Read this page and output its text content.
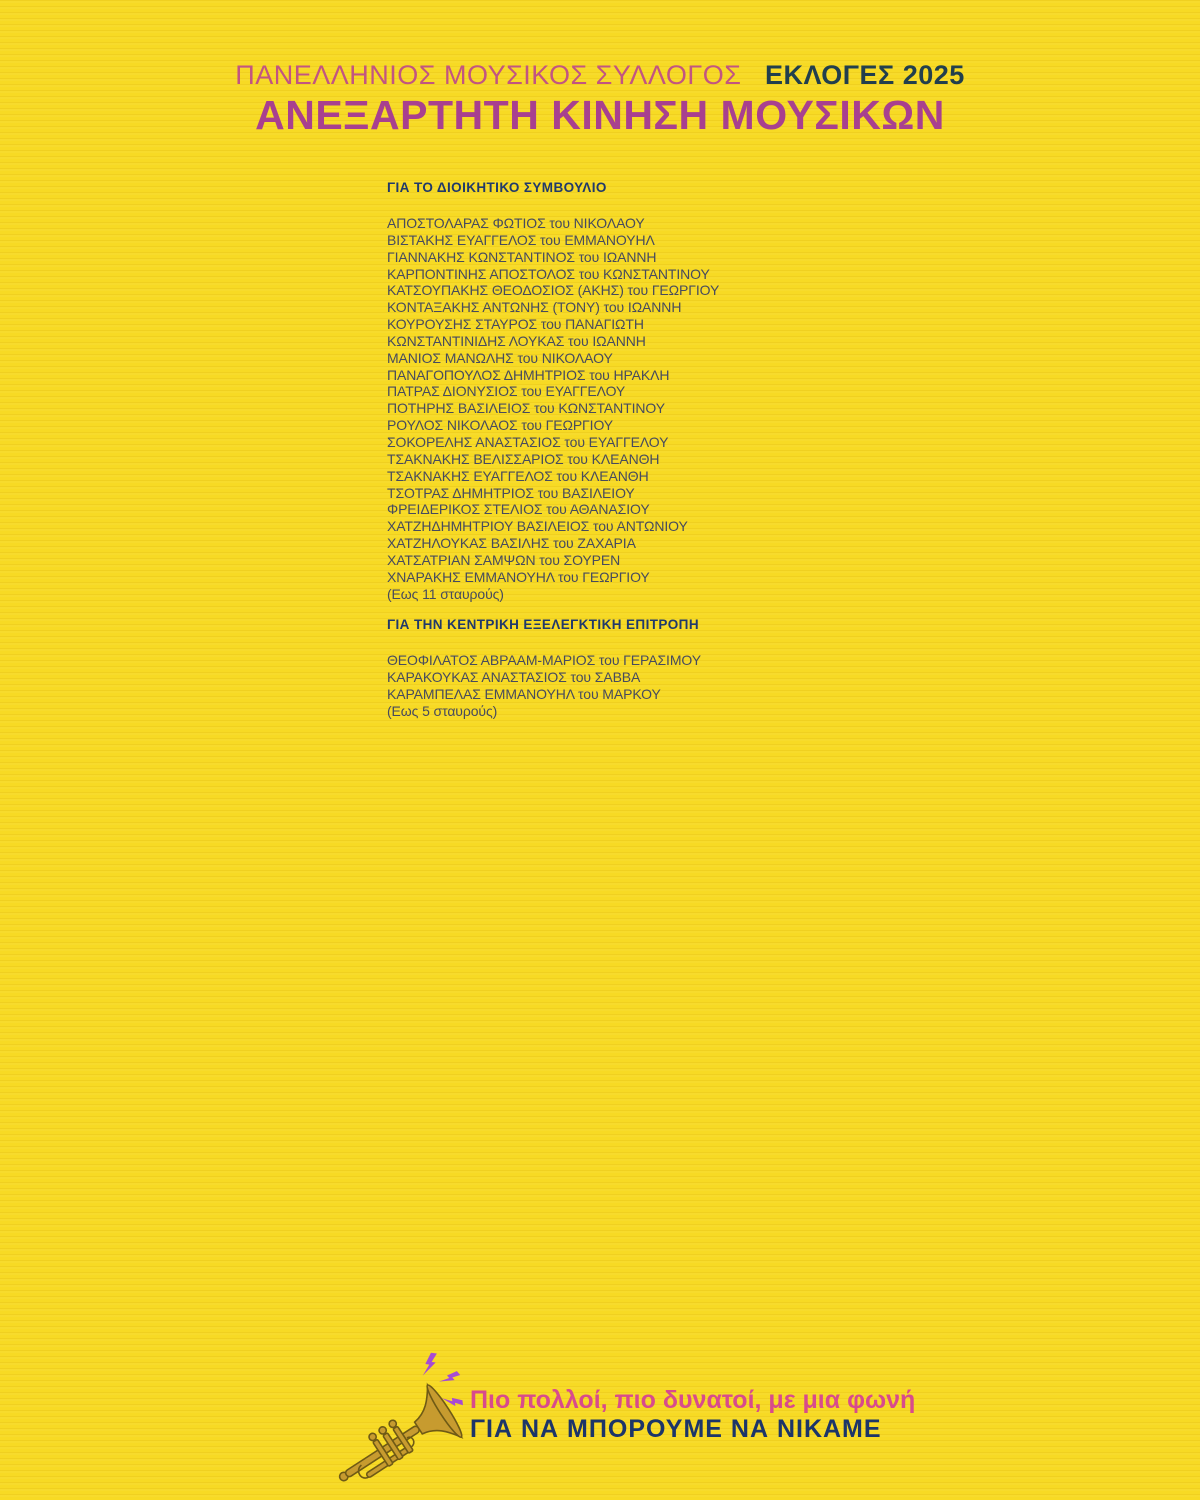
ΠΑΝΕΛΛΗΝΙΟΣ ΜΟΥΣΙΚΟΣ ΣΥΛΛΟΓΟΣ ΕΚΛΟΓΕΣ 2025
ΑΝΕΞΑΡΤΗΤΗ ΚΙΝΗΣΗ ΜΟΥΣΙΚΩΝ
ΓΙΑ ΤΟ ΔΙΟΙΚΗΤΙΚΟ ΣΥΜΒΟΥΛΙΟ
ΑΠΟΣΤΟΛΑΡΑΣ ΦΩΤΙΟΣ του ΝΙΚΟΛΑΟΥ
ΒΙΣΤΑΚΗΣ ΕΥΑΓΓΕΛΟΣ του ΕΜΜΑΝΟΥΗΛ
ΓΙΑΝΝΑΚΗΣ ΚΩΝΣΤΑΝΤΙΝΟΣ του ΙΩΑΝΝΗ
ΚΑΡΠΟΝΤΙΝΗΣ ΑΠΟΣΤΟΛΟΣ του ΚΩΝΣΤΑΝΤΙΝΟΥ
ΚΑΤΣΟΥΠΑΚΗΣ ΘΕΟΔΟΣΙΟΣ (ΑΚΗΣ) του ΓΕΩΡΓΙΟΥ
ΚΟΝΤΑΞΑΚΗΣ ΑΝΤΩΝΗΣ (ΤΟΝΥ) του ΙΩΑΝΝΗ
ΚΟΥΡΟΥΣΗΣ ΣΤΑΥΡΟΣ του ΠΑΝΑΓΙΩΤΗ
ΚΩΝΣΤΑΝΤΙΝΙΔΗΣ ΛΟΥΚΑΣ του ΙΩΑΝΝΗ
ΜΑΝΙΟΣ ΜΑΝΩΛΗΣ του ΝΙΚΟΛΑΟΥ
ΠΑΝΑΓΟΠΟΥΛΟΣ ΔΗΜΗΤΡΙΟΣ του ΗΡΑΚΛΗ
ΠΑΤΡΑΣ ΔΙΟΝΥΣΙΟΣ του ΕΥΑΓΓΕΛΟΥ
ΠΟΤΗΡΗΣ ΒΑΣΙΛΕΙΟΣ του ΚΩΝΣΤΑΝΤΙΝΟΥ
ΡΟΥΛΟΣ ΝΙΚΟΛΑΟΣ του ΓΕΩΡΓΙΟΥ
ΣΟΚΟΡΕΛΗΣ ΑΝΑΣΤΑΣΙΟΣ του ΕΥΑΓΓΕΛΟΥ
ΤΣΑΚΝΑΚΗΣ ΒΕΛΙΣΣΑΡΙΟΣ του ΚΛΕΑΝΘΗ
ΤΣΑΚΝΑΚΗΣ ΕΥΑΓΓΕΛΟΣ του ΚΛΕΑΝΘΗ
ΤΣΟΤΡΑΣ ΔΗΜΗΤΡΙΟΣ του ΒΑΣΙΛΕΙΟΥ
ΦΡΕΙΔΕΡΙΚΟΣ ΣΤΕΛΙΟΣ του ΑΘΑΝΑΣΙΟΥ
ΧΑΤΖΗΔΗΜΗΤΡΙΟΥ ΒΑΣΙΛΕΙΟΣ του ΑΝΤΩΝΙΟΥ
ΧΑΤΖΗΛΟΥΚΑΣ ΒΑΣΙΛΗΣ του ΖΑΧΑΡΙΑ
ΧΑΤΣΑΤΡΙΑΝ ΣΑΜΨΩΝ του ΣΟΥΡΕΝ
ΧΝΑΡΑΚΗΣ ΕΜΜΑΝΟΥΗΛ του ΓΕΩΡΓΙΟΥ
(Εως 11 σταυρούς)
ΓΙΑ ΤΗΝ ΚΕΝΤΡΙΚΗ ΕΞΕΛΕΓΚΤΙΚΗ ΕΠΙΤΡΟΠΗ
ΘΕΟΦΙΛΑΤΟΣ ΑΒΡΑΑΜ-ΜΑΡΙΟΣ του ΓΕΡΑΣΙΜΟΥ
ΚΑΡΑΚΟΥΚΑΣ ΑΝΑΣΤΑΣΙΟΣ του ΣΑΒΒΑ
ΚΑΡΑΜΠΕΛΑΣ ΕΜΜΑΝΟΥΗΛ του ΜΑΡΚΟΥ
(Εως 5 σταυρούς)
Πιο πολλοί, πιο δυνατοί, με μια φωνή
ΓΙΑ ΝΑ ΜΠΟΡΟΥΜΕ ΝΑ ΝΙΚΑΜΕ
